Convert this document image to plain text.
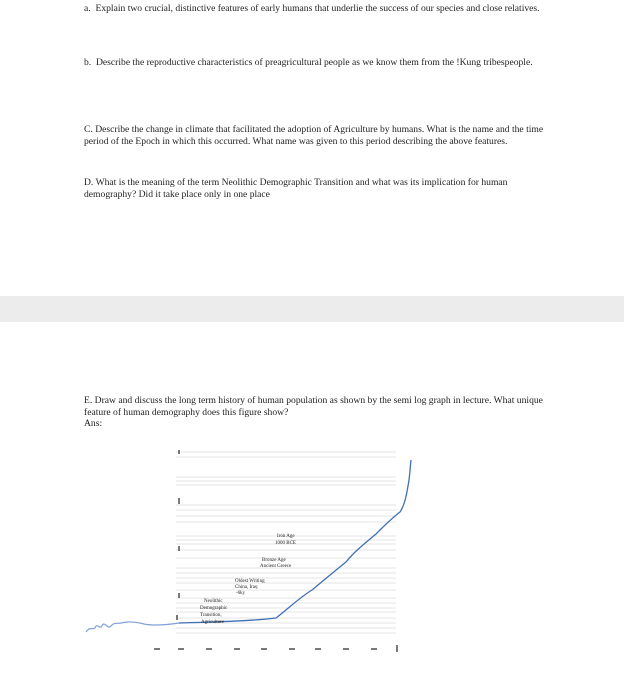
a. Explain two crucial, distinctive features of early humans that underlie the success of our species and close relatives.

b. Describe the reproductive characteristics of preagricultural people as we know them from the !Kung tribespeople.

C. Describe the change in climate that facilitated the adoption of Agriculture by humans. What is the name and the time period of the Epoch in which this occurred. What name was given to this period describing the above features.

D. What is the meaning of the term Neolithic Demographic Transition and what was its implication for human demography? Did it take place only in one place

E. Draw and discuss the long term history of human population as shown by the semi log graph in lecture. What unique feature of human demography does this figure show?

Ans:
Iron Age
1000 BCE
Bronze Age
Ancient Greece
Oldest Writing
China, Iraq
-6ky
Neolithic
Demographic
Transition,
Agriculture
